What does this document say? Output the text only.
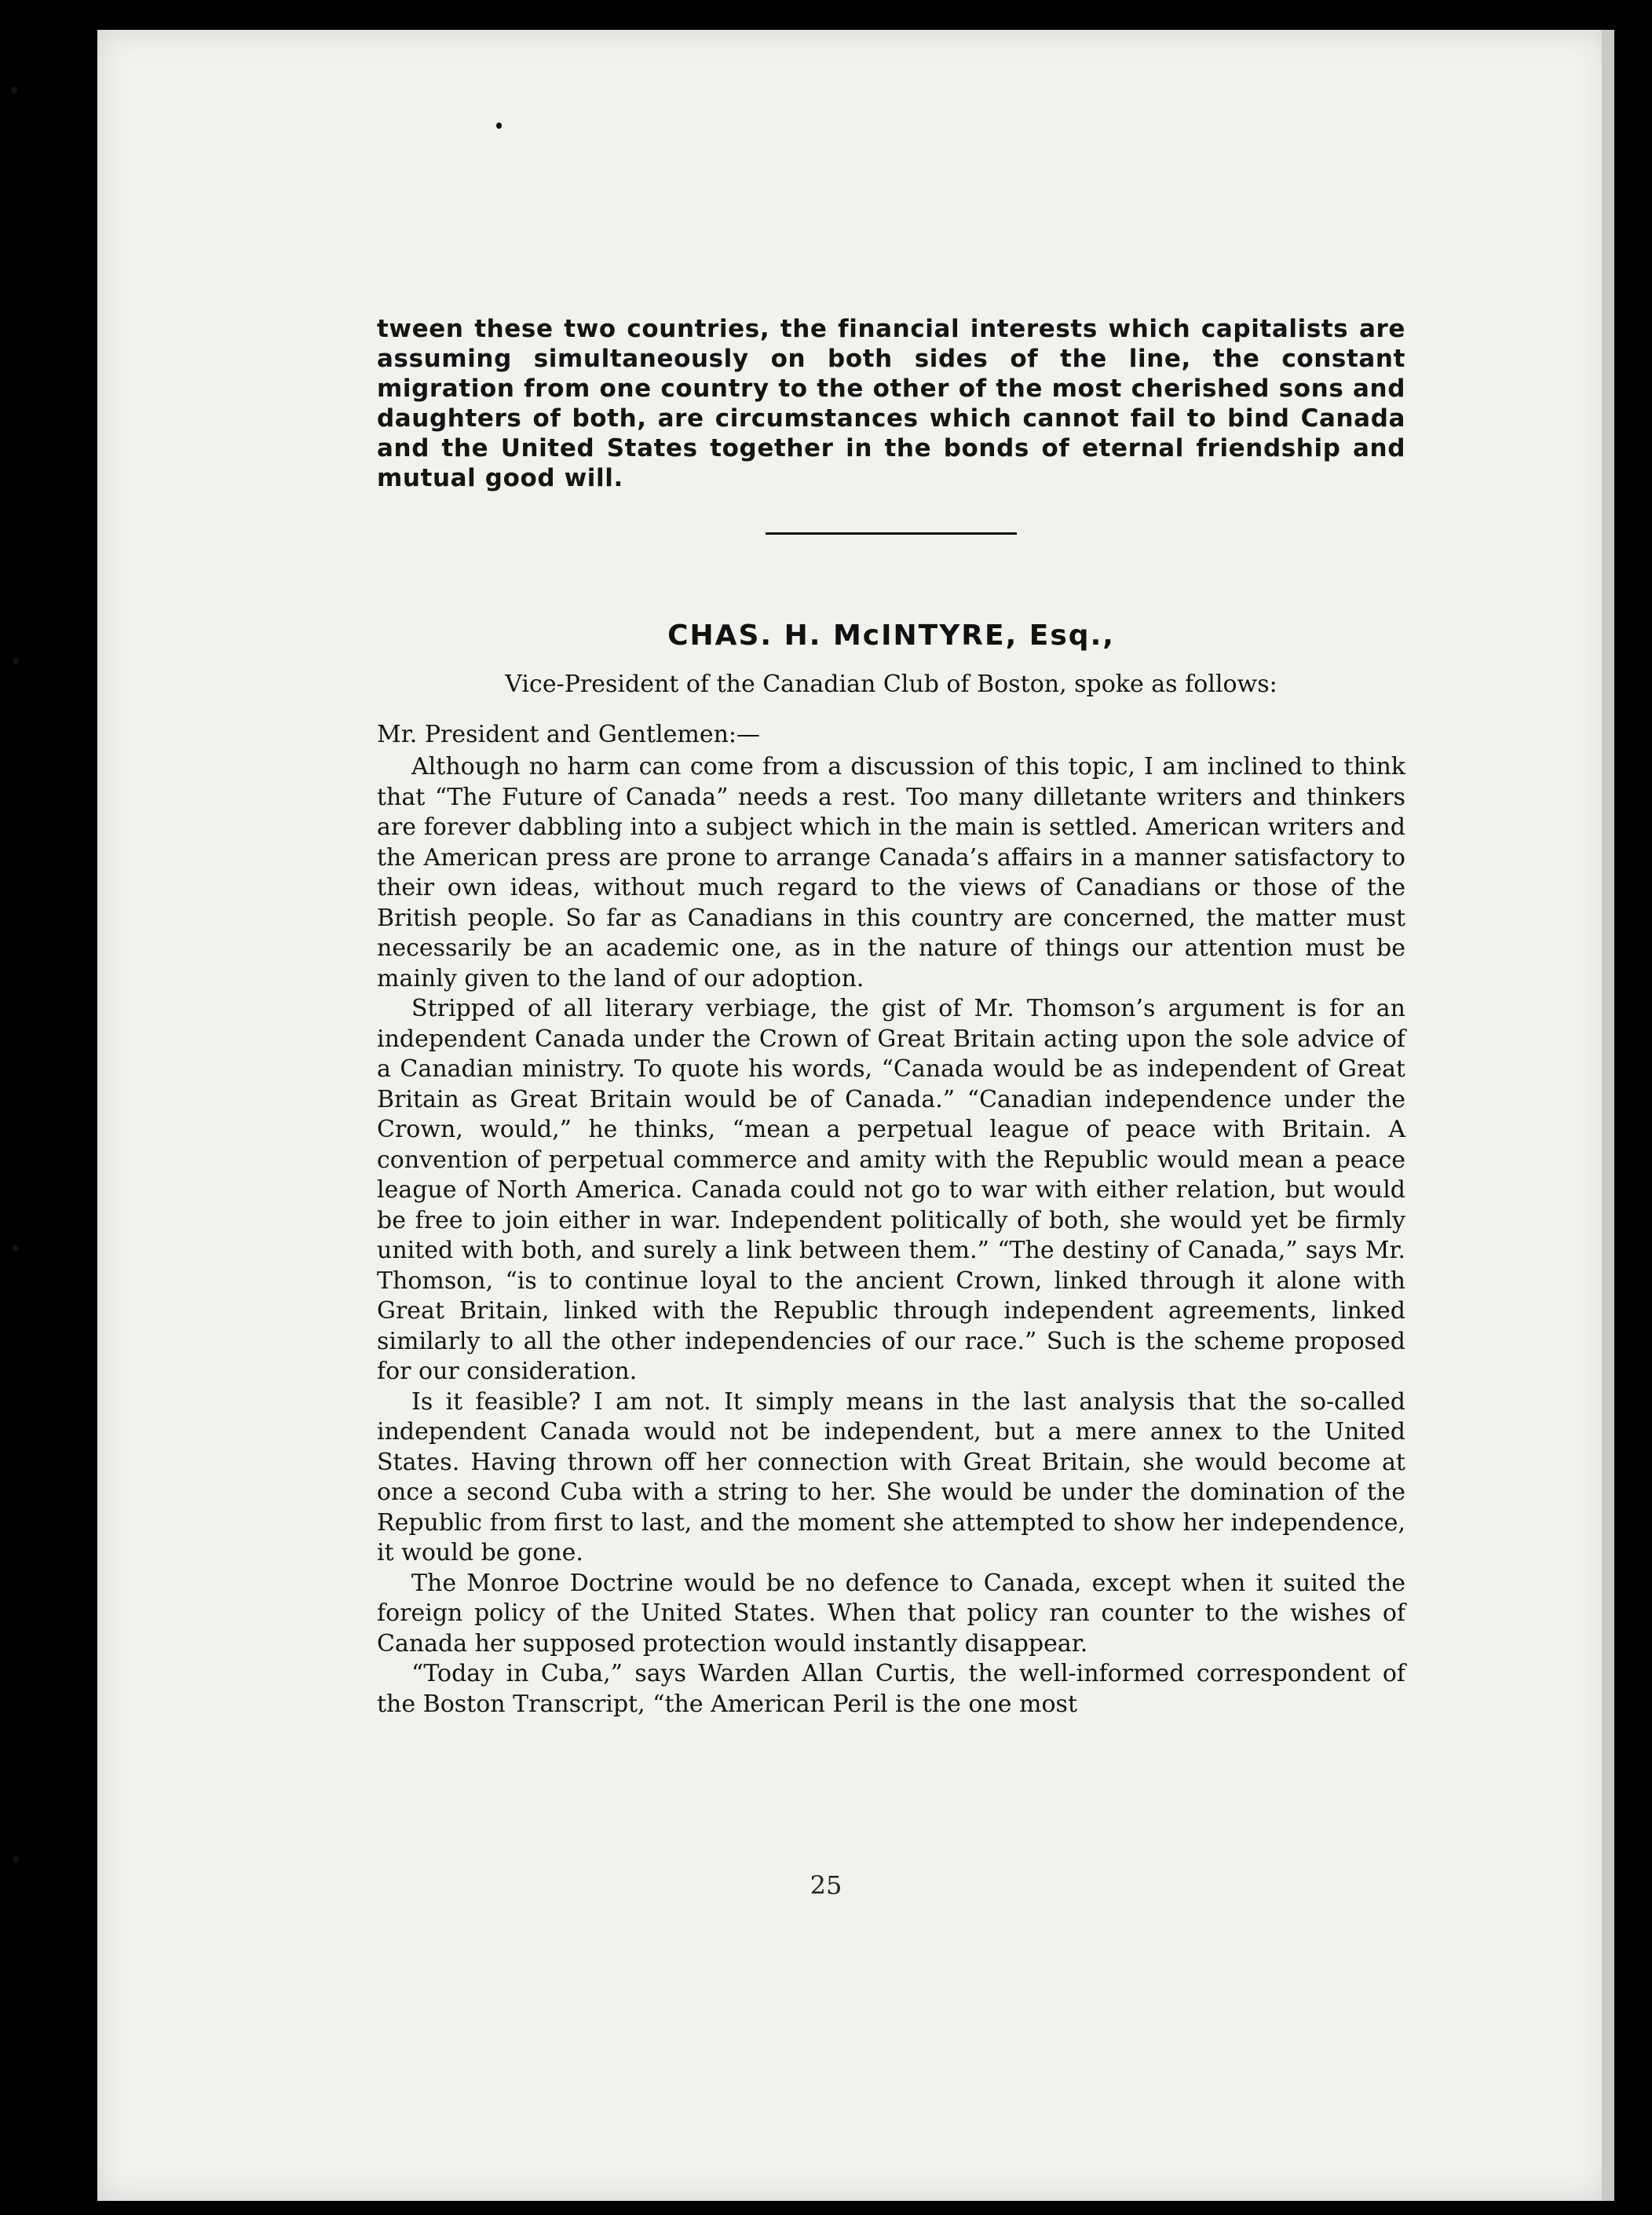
tween these two countries, the financial interests which capitalists are assuming simultaneously on both sides of the line, the constant migration from one country to the other of the most cherished sons and daughters of both, are circumstances which cannot fail to bind Canada and the United States together in the bonds of eternal friendship and mutual good will.

CHAS. H. McINTYRE, Esq.,
Vice-President of the Canadian Club of Boston, spoke as follows:
Mr. President and Gentlemen:—

Although no harm can come from a discussion of this topic, I am inclined to think that “The Future of Canada” needs a rest. Too many dilletante writers and thinkers are forever dabbling into a subject which in the main is settled. American writers and the American press are prone to arrange Canada’s affairs in a manner satisfactory to their own ideas, without much regard to the views of Canadians or those of the British people. So far as Canadians in this country are concerned, the matter must necessarily be an academic one, as in the nature of things our attention must be mainly given to the land of our adoption.

Stripped of all literary verbiage, the gist of Mr. Thomson’s argument is for an independent Canada under the Crown of Great Britain acting upon the sole advice of a Canadian ministry. To quote his words, “Canada would be as independent of Great Britain as Great Britain would be of Canada.” “Canadian independence under the Crown, would,” he thinks, “mean a perpetual league of peace with Britain. A convention of perpetual commerce and amity with the Republic would mean a peace league of North America. Canada could not go to war with either relation, but would be free to join either in war. Independent politically of both, she would yet be firmly united with both, and surely a link between them.” “The destiny of Canada,” says Mr. Thomson, “is to continue loyal to the ancient Crown, linked through it alone with Great Britain, linked with the Republic through independent agreements, linked similarly to all the other independencies of our race.” Such is the scheme proposed for our consideration.

Is it feasible? I am not. It simply means in the last analysis that the so-called independent Canada would not be independent, but a mere annex to the United States. Having thrown off her connection with Great Britain, she would become at once a second Cuba with a string to her. She would be under the domination of the Republic from first to last, and the moment she attempted to show her independence, it would be gone.

The Monroe Doctrine would be no defence to Canada, except when it suited the foreign policy of the United States. When that policy ran counter to the wishes of Canada her supposed protection would instantly disappear.

“Today in Cuba,” says Warden Allan Curtis, the well-informed correspondent of the Boston Transcript, “the American Peril is the one most

25
